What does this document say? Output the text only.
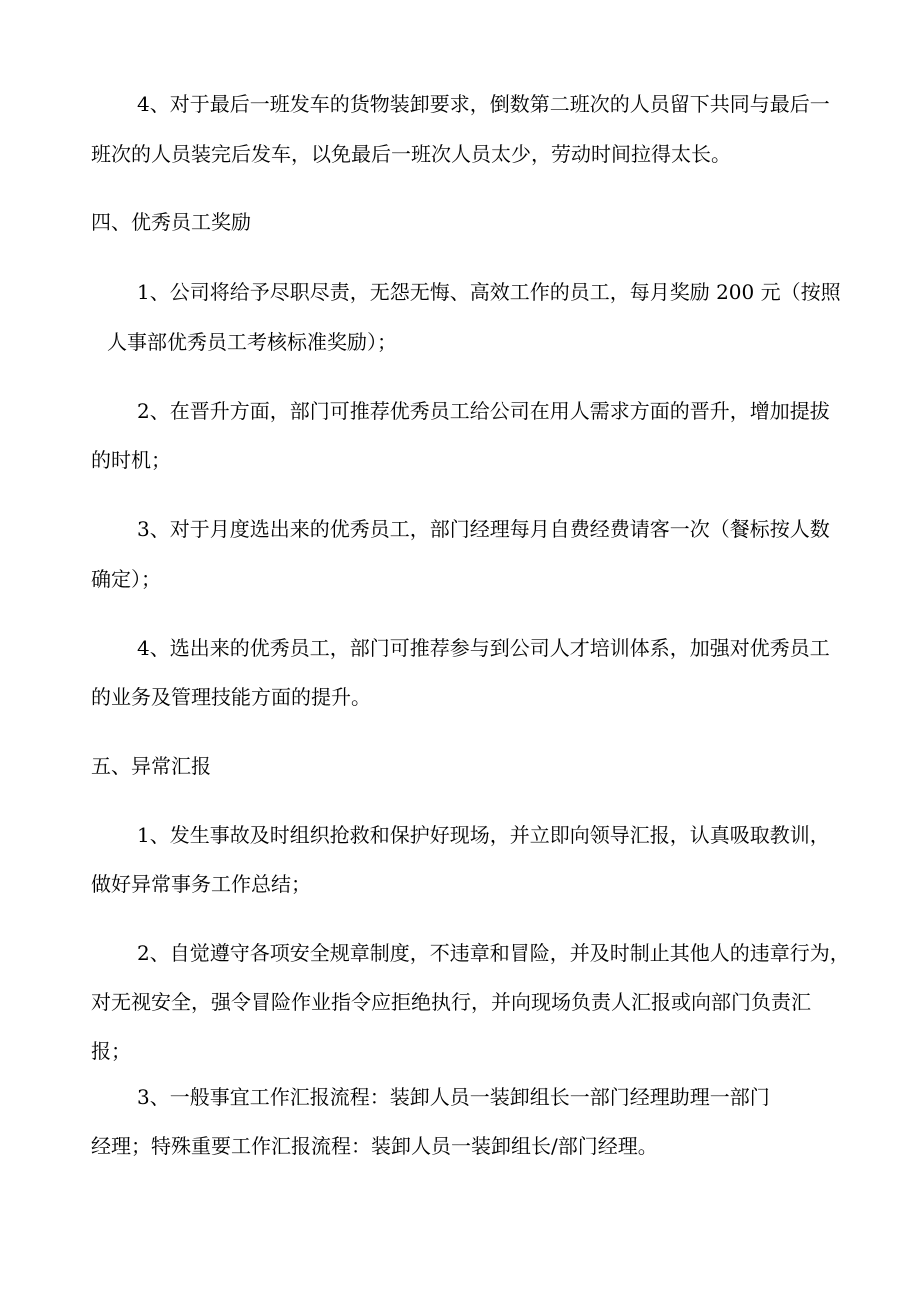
4、对于最后一班发车的货物装卸要求，倒数第二班次的人员留下共同与最后一
班次的人员装完后发车，以免最后一班次人员太少，劳动时间拉得太长。
四、优秀员工奖励
1、公司将给予尽职尽责，无怨无悔、高效工作的员工，每月奖励 200 元（按照
人事部优秀员工考核标准奖励）；
2、在晋升方面，部门可推荐优秀员工给公司在用人需求方面的晋升，增加提拔
的时机；
3、对于月度选出来的优秀员工，部门经理每月自费经费请客一次（餐标按人数
确定）；
4、选出来的优秀员工，部门可推荐参与到公司人才培训体系，加强对优秀员工
的业务及管理技能方面的提升。
五、异常汇报
1、发生事故及时组织抢救和保护好现场，并立即向领导汇报，认真吸取教训，
做好异常事务工作总结；
2、自觉遵守各项安全规章制度，不违章和冒险，并及时制止其他人的违章行为，
对无视安全，强令冒险作业指令应拒绝执行，并向现场负责人汇报或向部门负责汇
报；
3、一般事宜工作汇报流程：装卸人员一装卸组长一部门经理助理一部门
经理；特殊重要工作汇报流程：装卸人员一装卸组长/部门经理。
